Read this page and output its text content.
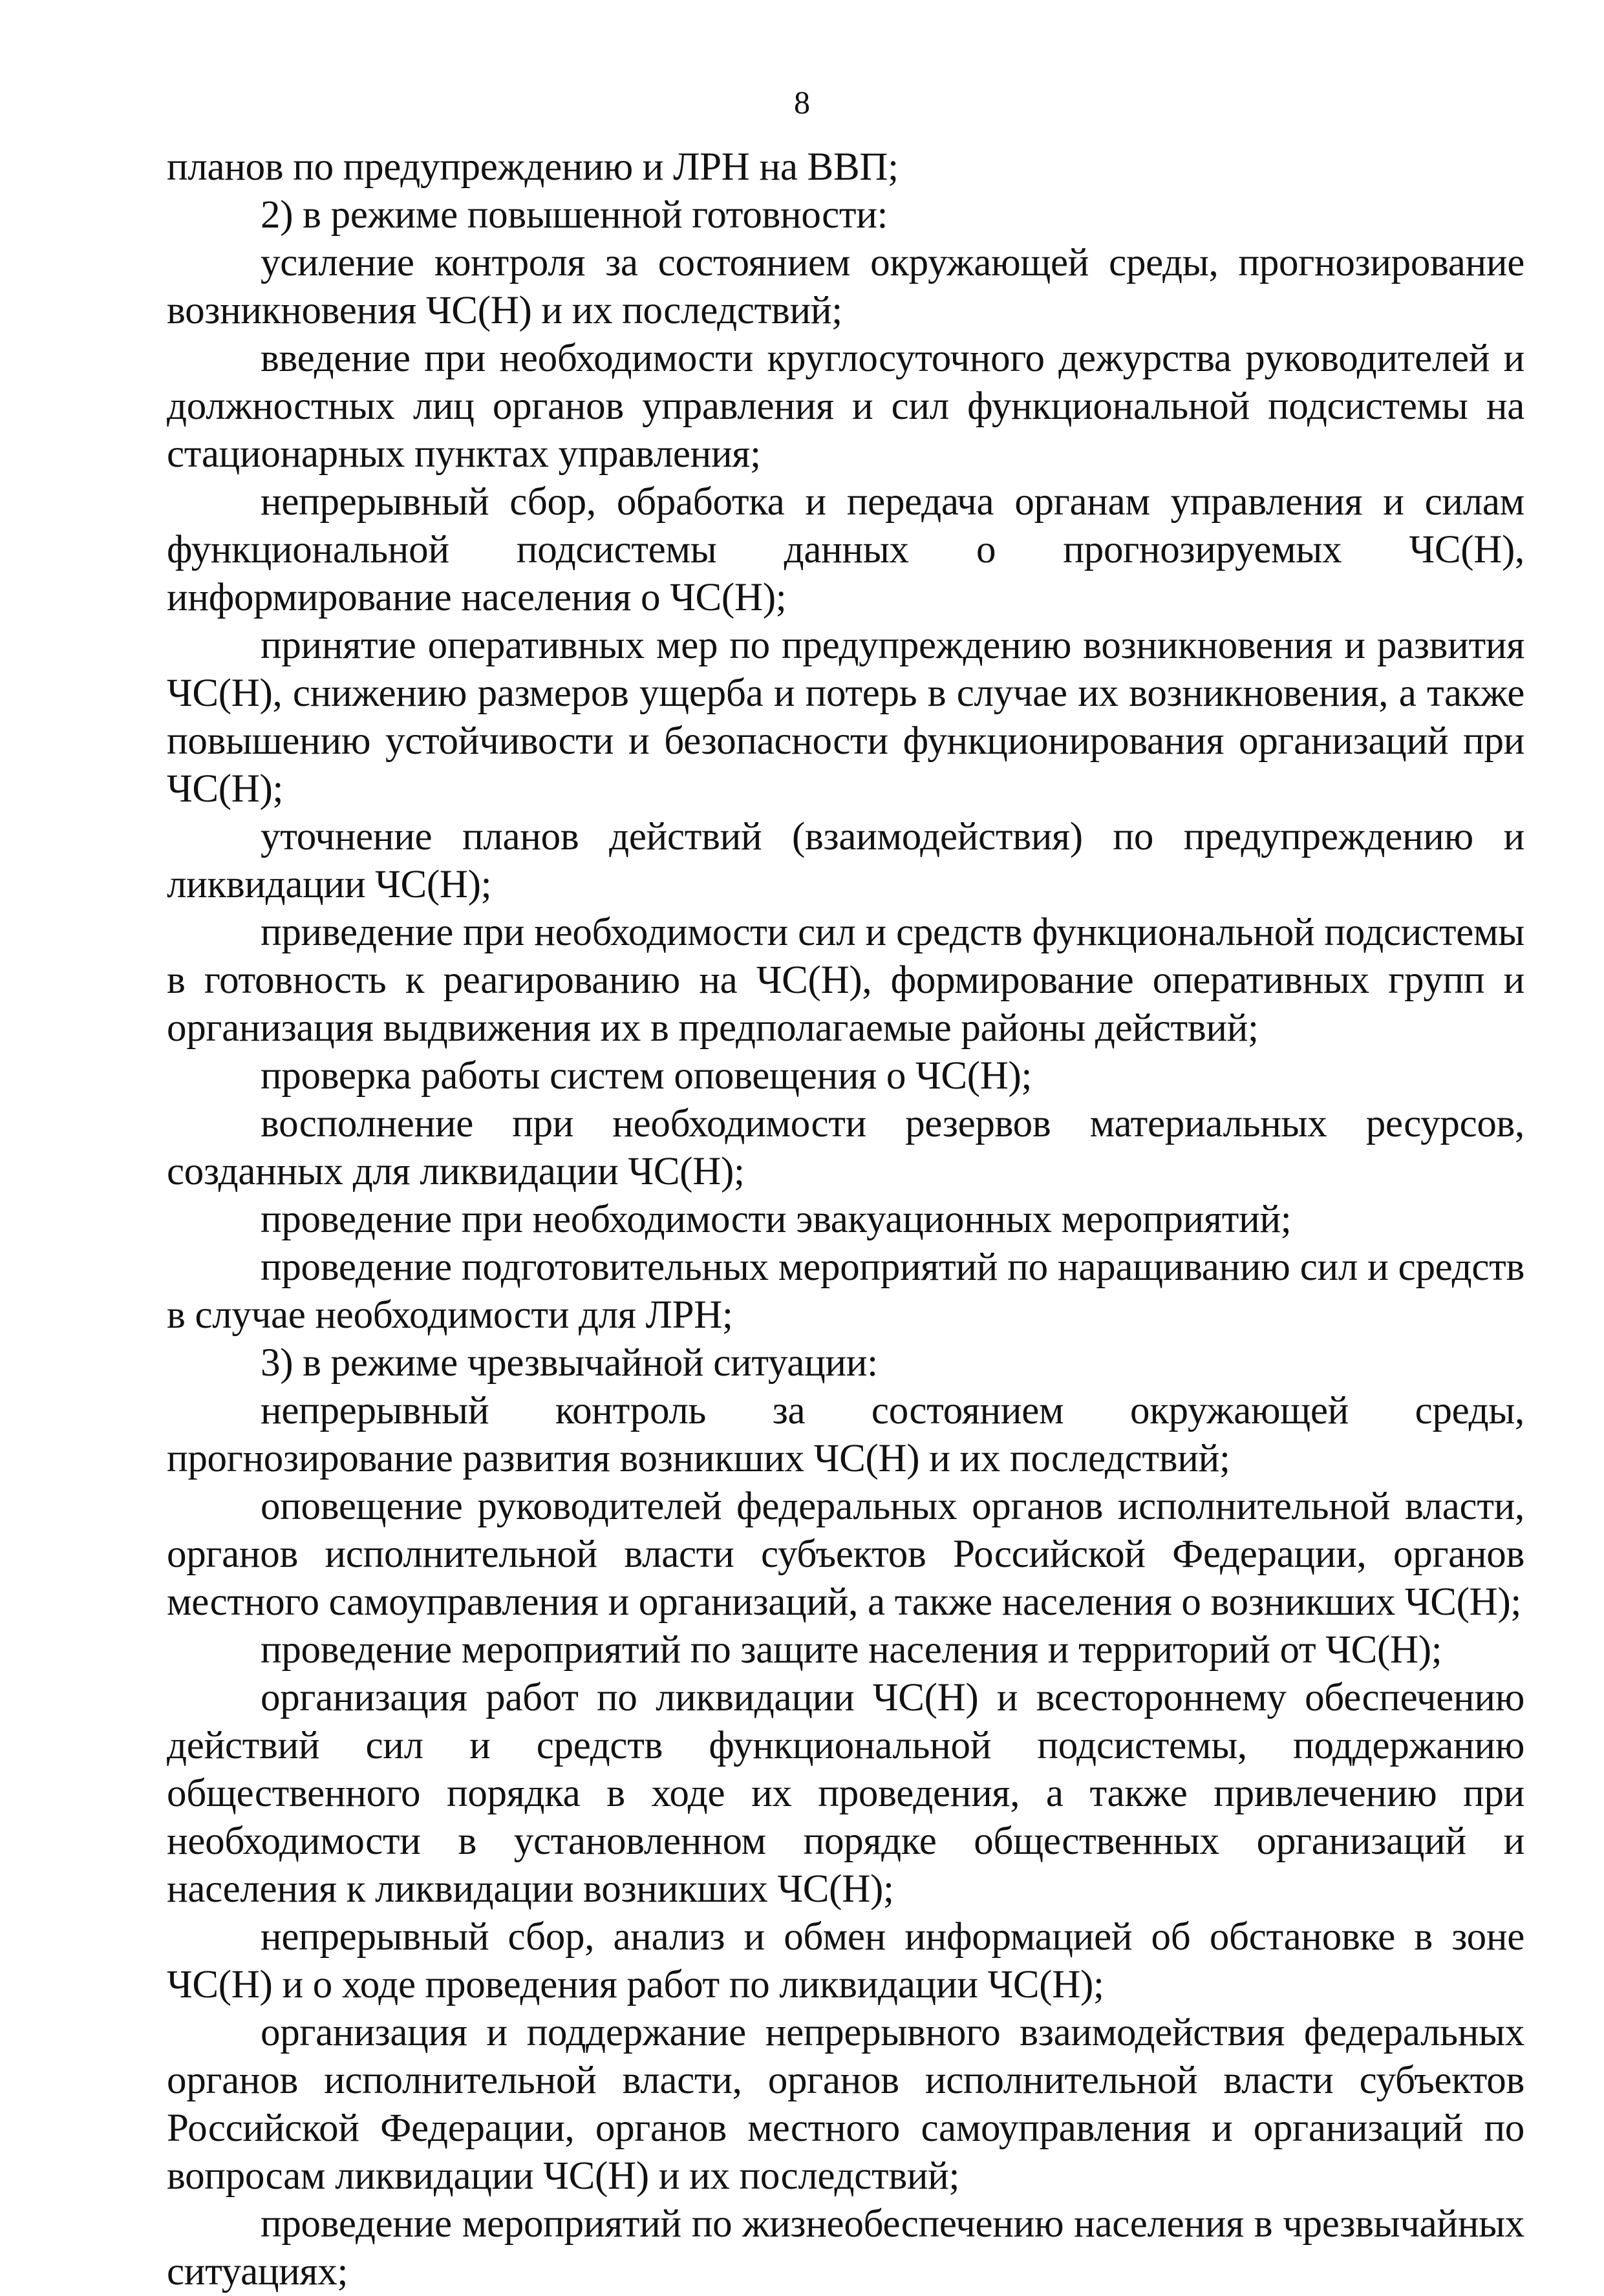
8

планов по предупреждению и ЛРН на ВВП;

2) в режиме повышенной готовности:

усиление контроля за состоянием окружающей среды, прогнозирование возникновения ЧС(Н) и их последствий;

введение при необходимости круглосуточного дежурства руководителей и должностных лиц органов управления и сил функциональной подсистемы на стационарных пунктах управления;

непрерывный сбор, обработка и передача органам управления и силам функциональной подсистемы данных о прогнозируемых ЧС(Н), информирование населения о ЧС(Н);

принятие оперативных мер по предупреждению возникновения и развития ЧС(Н), снижению размеров ущерба и потерь в случае их возникновения, а также повышению устойчивости и безопасности функционирования организаций при ЧС(Н);

уточнение планов действий (взаимодействия) по предупреждению и ликвидации ЧС(Н);

приведение при необходимости сил и средств функциональной подсистемы в готовность к реагированию на ЧС(Н), формирование оперативных групп и организация выдвижения их в предполагаемые районы действий;

проверка работы систем оповещения о ЧС(Н);

восполнение при необходимости резервов материальных ресурсов, созданных для ликвидации ЧС(Н);

проведение при необходимости эвакуационных мероприятий;

проведение подготовительных мероприятий по наращиванию сил и средств в случае необходимости для ЛРН;

3) в режиме чрезвычайной ситуации:

непрерывный контроль за состоянием окружающей среды, прогнозирование развития возникших ЧС(Н) и их последствий;

оповещение руководителей федеральных органов исполнительной власти, органов исполнительной власти субъектов Российской Федерации, органов местного самоуправления и организаций, а также населения о возникших ЧС(Н);

проведение мероприятий по защите населения и территорий от ЧС(Н);

организация работ по ликвидации ЧС(Н) и всестороннему обеспечению действий сил и средств функциональной подсистемы, поддержанию общественного порядка в ходе их проведения, а также привлечению при необходимости в установленном порядке общественных организаций и населения к ликвидации возникших ЧС(Н);

непрерывный сбор, анализ и обмен информацией об обстановке в зоне ЧС(Н) и о ходе проведения работ по ликвидации ЧС(Н);

организация и поддержание непрерывного взаимодействия федеральных органов исполнительной власти, органов исполнительной власти субъектов Российской Федерации, органов местного самоуправления и организаций по вопросам ликвидации ЧС(Н) и их последствий;

проведение мероприятий по жизнеобеспечению населения в чрезвычайных ситуациях;
